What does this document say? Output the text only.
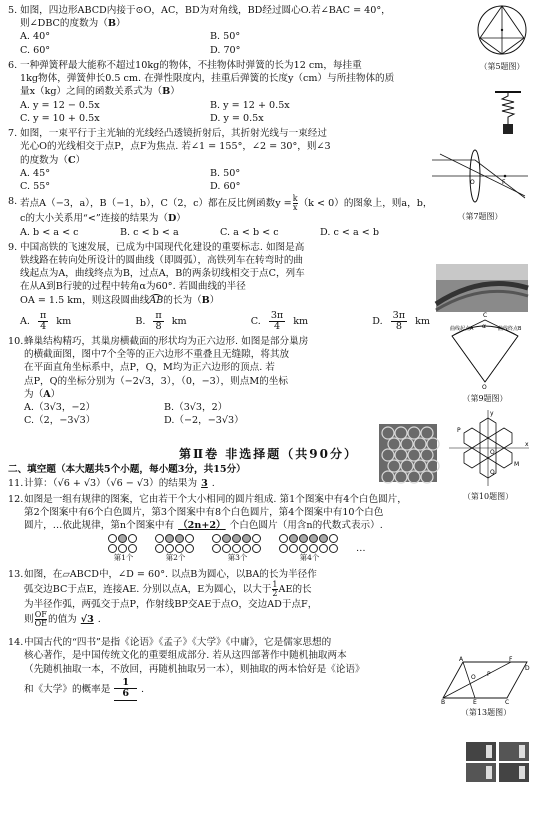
5. 如图，四边形ABCD内接于⊙O，AC，BD为对角线，BD经过圆心O.若∠BAC = 40°，
则∠DBC的度数为（B）
A. 40°	B. 50°
C. 60°	D. 70°
（第5题图）
6. 一种弹簧秤最大能称不超过10kg的物体，不挂物体时弹簧的长为12 cm，每挂重
1kg物体，弹簧伸长0.5 cm. 在弹性限度内，挂重后弹簧的长度y（cm）与所挂物体的质
量x（kg）之间的函数关系式为（B）
A. y = 12 − 0.5x	B. y = 12 + 0.5x
C. y = 10 + 0.5x	D. y = 0.5x
7. 如图，一束平行于主光轴的光线经凸透镜折射后，其折射光线与一束经过
光心O的光线相交于点P，点F为焦点. 若∠1 = 155°，∠2 = 30°，则∠3
的度数为（C）
A. 45°	B. 50°
C. 55°	D. 60°	F
O
（第7题图）
8. 若点A（−3，a），B（−1，b），C（2，c）都在反比例函数$y = \frac{k}{x} (k < 0)$的图象上，则a，b，
c的大小关系用“<”连接的结果为（D）
A. b < a < c	B. c < b < a	C. a < b < c	D. c < a < b
9. 中国高铁的飞速发展，已成为中国现代化建设的重要标志. 如图是高
铁线路在转向处所设计的圆曲线（即圆弧），高铁列车在转弯时的曲
线起点为A，曲线终点为B，过点A，B的两条切线相交于点C，列车
在从A到B行驶的过程中转角α为60°. 若圆曲线的半径
OA = 1.5 km，则这段圆曲线AB的长为（B）
A.
π
4 km	B.
π
8 km	C.
3π
4	km	D.
3π
8	km
曲线起点A	曲线终点B
α
C
O
（第9题图）
10. 蜂巢结构精巧，其巢房横截面的形状均为正六边形. 如图是部分巢房
的横截面图，图中7个全等的正六边形不重叠且无缝隙，将其放
在平面直角坐标系中，点P，Q，M均为正六边形的顶点. 若
点P，Q的坐标分别为（−2√3，3），（0，−3），则点M的坐标
为（A）
A.（3√3，−2）	B.（3√3，2）
C.（2，−3√3）	D.（−2，−3√3）
y
x
P
Q
M
O
（第10题图）
第Ⅱ卷 非选择题（共90分）
二、填空题（本大题共5个小题，每小题3分，共15分）
11. 计算：（√6 + √3）（√6 − √3）的结果为 3 .
12. 如图是一组有规律的图案，它由若干个大小相同的圆片组成. 第1个图案中有4个白色圆片，
第2个图案中有6个白色圆片，第3个图案中有8个白色圆片，第4个图案中有10个白色
圆片，…依此规律，第n个图案中有 （2n+2） 个白色圆片（用含n的代数式表示）.
第1个	第2个	第3个	第4个
…
13. 如图，在▱ABCD中，∠D = 60°. 以点B为圆心，以BA的长为半径作
弧交边BC于点E，连接AE. 分别以点A，E为圆心，以大于 $\frac{1}{2}$ AE的长
为半径作弧，两弧交于点P，作射线BP交AE于点O，交边AD于点F，
则 $\frac{OF}{OE}$ 的值为 √3 .
A	F
D
B	E	C
O P
（第13题图）
14. 中国古代的“四书”是指《论语》《孟子》《大学》《中庸》，它是儒家思想的
核心著作，是中国传统文化的重要组成部分. 若从这四部著作中随机抽取两本
（先随机抽取一本，不放回，再随机抽取另一本），则抽取的两本恰好是《论语》
和《大学》的概率是 $\frac{1}{6}$ .
